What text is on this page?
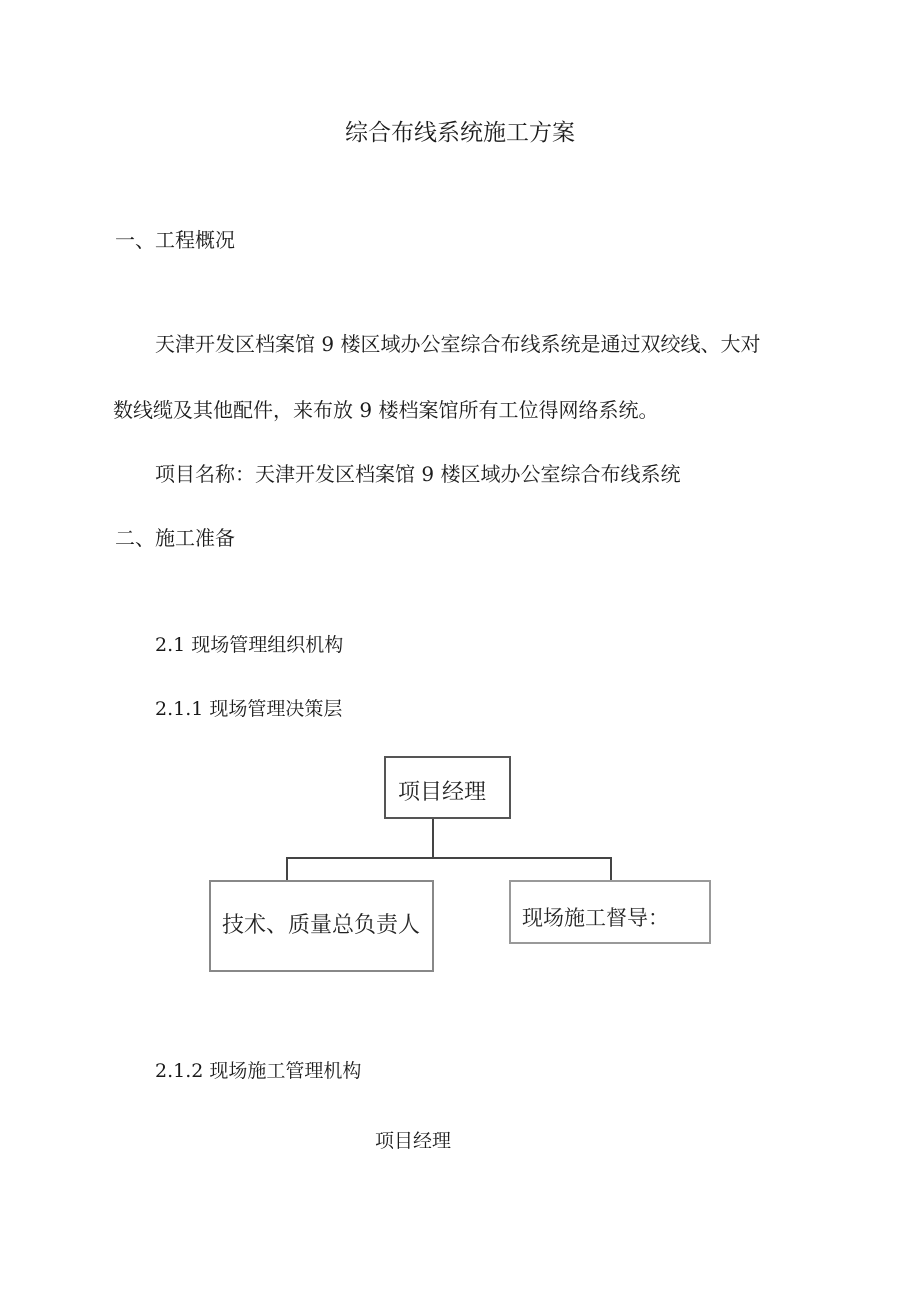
综合布线系统施工方案
一、工程概况
天津开发区档案馆 9 楼区域办公室综合布线系统是通过双绞线、大对
数线缆及其他配件，来布放 9 楼档案馆所有工位得网络系统。
项目名称：天津开发区档案馆 9 楼区域办公室综合布线系统
二、施工准备
2.1 现场管理组织机构
2.1.1 现场管理决策层
项目经理
技术、质量总负责人	现场施工督导：
2.1.2 现场施工管理机构
项目经理
